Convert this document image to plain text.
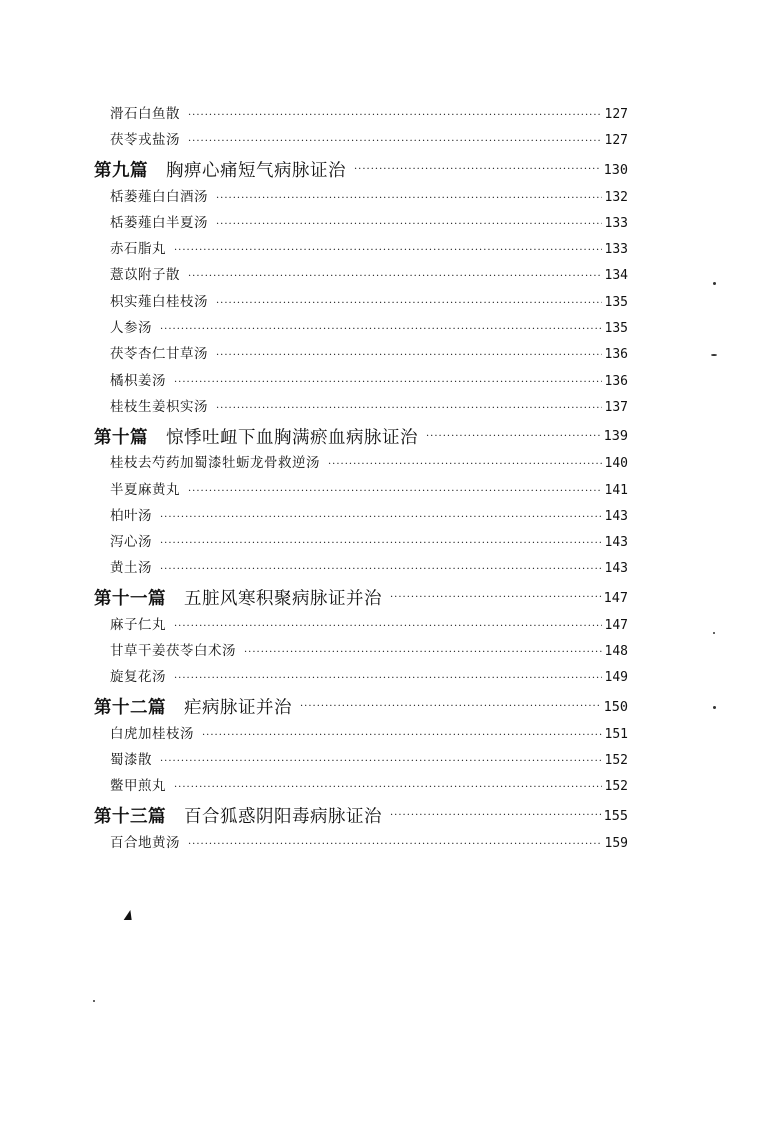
滑石白鱼散 ·····	127
茯苓戎盐汤 ·····	127
第九篇 胸痹心痛短气病脉证治 ·····	130
栝蒌薤白白酒汤 ·····	132
栝蒌薤白半夏汤 ·····	133
赤石脂丸 ·····	133
薏苡附子散 ·····	134
枳实薤白桂枝汤 ·····	135
人参汤 ·····	135
茯苓杏仁甘草汤 ·····	136
橘枳姜汤 ·····	136
桂枝生姜枳实汤 ·····	137
第十篇 惊悸吐衄下血胸满瘀血病脉证治 ·····	139
桂枝去芍药加蜀漆牡蛎龙骨救逆汤 ·····	140
半夏麻黄丸 ·····	141
柏叶汤 ·····	143
泻心汤 ·····	143
黄土汤 ·····	143
第十一篇 五脏风寒积聚病脉证并治 ·····	147
麻子仁丸 ·····	147
甘草干姜茯苓白术汤 ·····	148
旋复花汤 ·····	149
第十二篇 疟病脉证并治 ·····	150
白虎加桂枝汤 ·····	151
蜀漆散 ·····	152
鳖甲煎丸 ·····	152
第十三篇 百合狐惑阴阳毒病脉证治 ·····	155
百合地黄汤 ·····	159
